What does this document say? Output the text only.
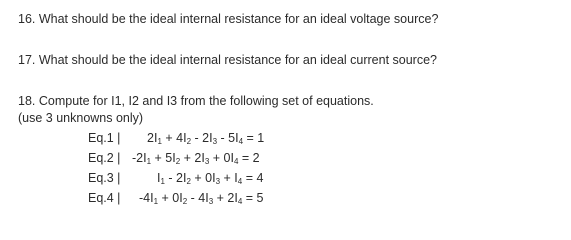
16. What should be the ideal internal resistance for an ideal voltage source?
17. What should be the ideal internal resistance for an ideal current source?
18. Compute for I1, I2 and I3 from the following set of equations.
(use 3 unknowns only)
Eq.1 | $2I_1 + 4I_2 - 2I_3 - 5I_4 = 1$
Eq.2 | $-2I_1 + 5I_2 + 2I_3 + 0I_4 = 2$
Eq.3 |	$I_1 - 2I_2 + 0I_3 + I_4 = 4$
Eq.4 | $-4I_1 + 0I_2 - 4I_3 + 2I_4 = 5$
